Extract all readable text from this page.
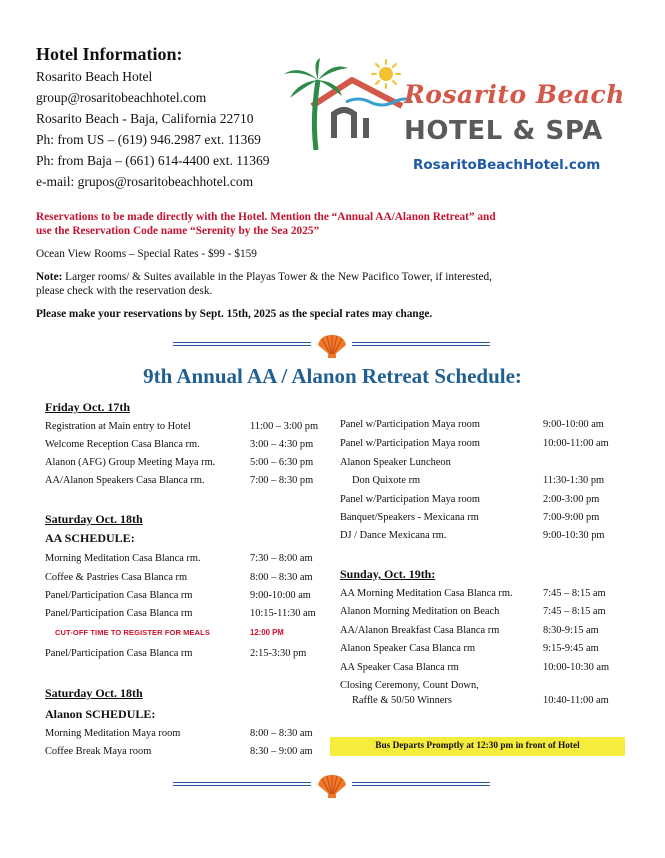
Hotel Information:
Rosarito Beach Hotel
group@rosaritobeachhotel.com
Rosarito Beach - Baja, California 22710
Ph: from US – (619) 946.2987 ext. 11369
Ph: from Baja – (661) 614-4400 ext. 11369
e-mail: grupos@rosaritobeachhotel.com
Rosarito Beach
HOTEL & SPA
RosaritoBeachHotel.com
Reservations to be made directly with the Hotel. Mention the “Annual AA/Alanon Retreat” and
use the Reservation Code name “Serenity by the Sea 2025”
Ocean View Rooms – Special Rates - $99 - $159
Note: Larger rooms/ & Suites available in the Playas Tower & the New Pacifico Tower, if interested,
please check with the reservation desk.
Please make your reservations by Sept. 15th, 2025 as the special rates may change.
9th Annual AA / Alanon Retreat Schedule:
Friday Oct. 17th
Registration at Main entry to Hotel	11:00 – 3:00 pm
Welcome Reception Casa Blanca rm.	3:00 – 4:30 pm
Alanon (AFG) Group Meeting Maya rm.	5:00 – 6:30 pm
AA/Alanon Speakers Casa Blanca rm.	7:00 – 8:30 pm
Saturday Oct. 18th
AA SCHEDULE:
Morning Meditation Casa Blanca rm.	7:30 – 8:00 am
Coffee & Pastries Casa Blanca rm	8:00 – 8:30 am
Panel/Participation Casa Blanca rm	9:00-10:00 am
Panel/Participation Casa Blanca rm	10:15-11:30 am
CUT-OFF TIME TO REGISTER FOR MEALS	12:00 PM
Panel/Participation Casa Blanca rm	2:15-3:30 pm
Saturday Oct. 18th
Alanon SCHEDULE:
Morning Meditation Maya room	8:00 – 8:30 am
Coffee Break Maya room	8:30 – 9:00 am
Panel w/Participation Maya room	9:00-10:00 am
Panel w/Participation Maya room	10:00-11:00 am
Alanon Speaker Luncheon
Don Quixote rm	11:30-1:30 pm
Panel w/Participation Maya room	2:00-3:00 pm
Banquet/Speakers - Mexicana rm	7:00-9:00 pm
DJ / Dance Mexicana rm.	9:00-10:30 pm
Sunday, Oct. 19th:
AA Morning Meditation Casa Blanca rm.	7:45 – 8:15 am
Alanon Morning Meditation on Beach	7:45 – 8:15 am
AA/Alanon Breakfast Casa Blanca rm	8:30-9:15 am
Alanon Speaker Casa Blanca rm	9:15-9:45 am
AA Speaker Casa Blanca rm	10:00-10:30 am
Closing Ceremony, Count Down,
Raffle & 50/50 Winners	10:40-11:00 am
Bus Departs Promptly at 12:30 pm in front of Hotel
